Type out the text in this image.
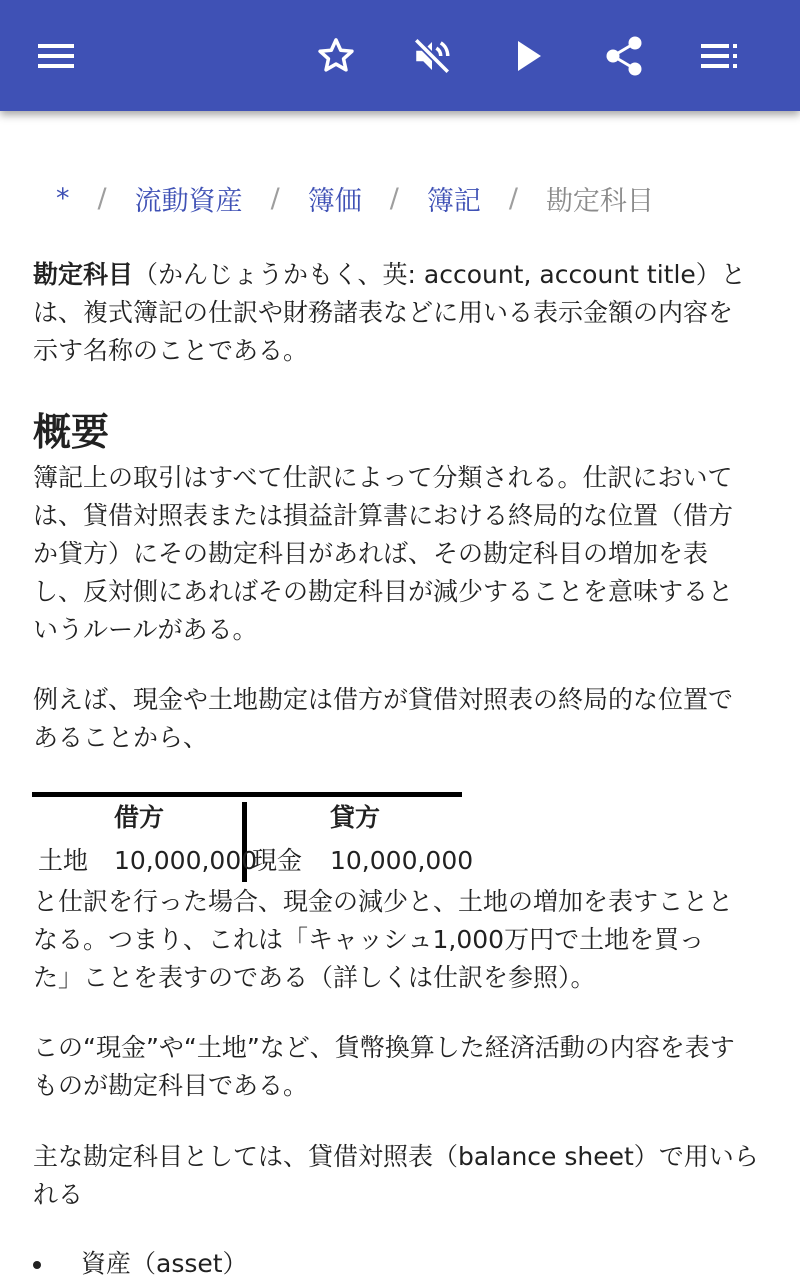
* / 流動資産 / 簿価 / 簿記 / 勘定科目

勘定科目（かんじょうかもく、英: account, account title）と
は、複式簿記の仕訳や財務諸表などに用いる表示金額の内容を
示す名称のことである。

概要

簿記上の取引はすべて仕訳によって分類される。仕訳において
は、貸借対照表または損益計算書における終局的な位置（借方
か貸方）にその勘定科目があれば、その勘定科目の増加を表
し、反対側にあればその勘定科目が減少することを意味すると
いうルールがある。

例えば、現金や土地勘定は借方が貸借対照表の終局的な位置で
あることから、

借方	貸方
土地 10,000,000
現金 10,000,000

と仕訳を行った場合、現金の減少と、土地の増加を表すことと
なる。つまり、これは「キャッシュ1,000万円で土地を買っ
た」ことを表すのである（詳しくは仕訳を参照）。

この“現金”や“土地”など、貨幣換算した経済活動の内容を表す
ものが勘定科目である。

主な勘定科目としては、貸借対照表（balance sheet）で用いら
れる

資産（asset）
